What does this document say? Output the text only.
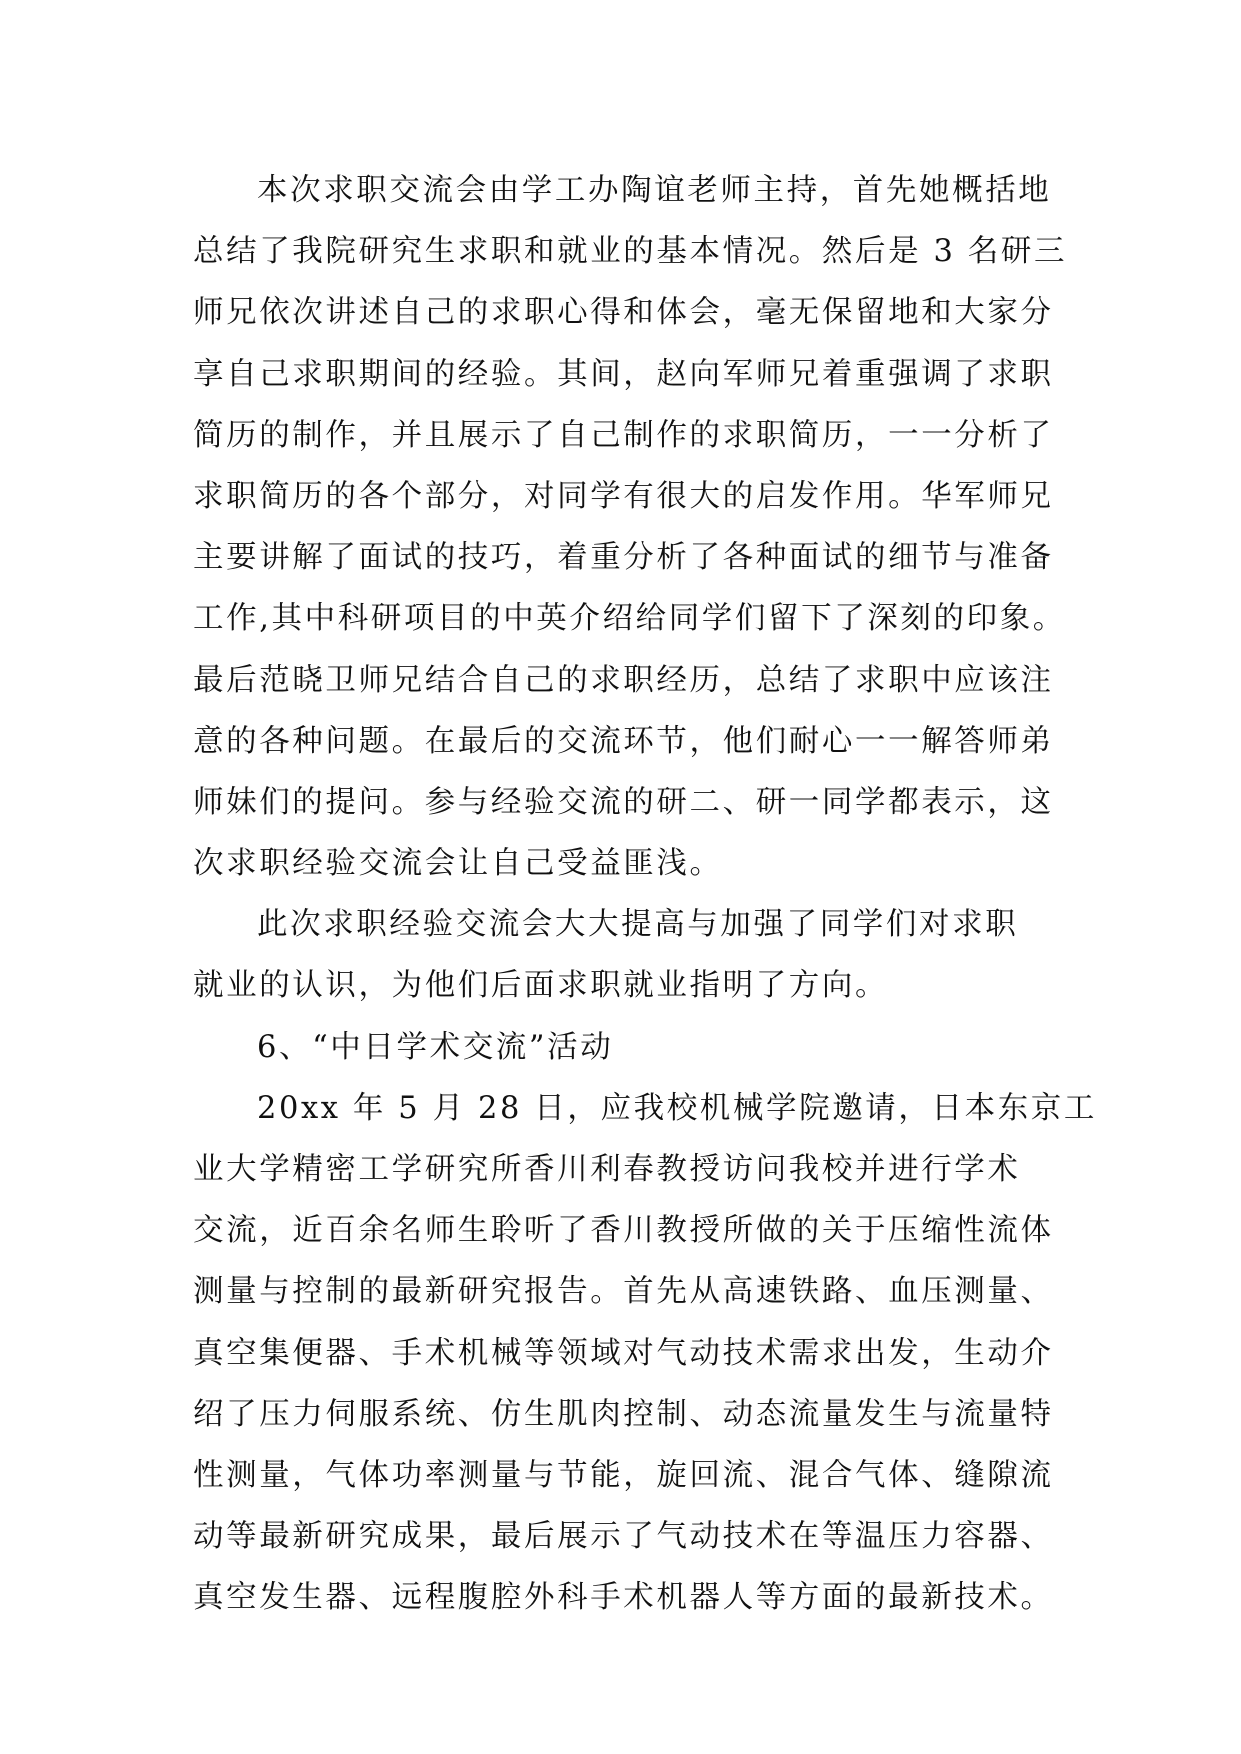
本次求职交流会由学工办陶谊老师主持，首先她概括地
总结了我院研究生求职和就业的基本情况。然后是 3 名研三
师兄依次讲述自己的求职心得和体会，毫无保留地和大家分
享自己求职期间的经验。其间，赵向军师兄着重强调了求职
简历的制作，并且展示了自己制作的求职简历，一一分析了
求职简历的各个部分，对同学有很大的启发作用。华军师兄
主要讲解了面试的技巧，着重分析了各种面试的细节与准备
工作,其中科研项目的中英介绍给同学们留下了深刻的印象。
最后范晓卫师兄结合自己的求职经历，总结了求职中应该注
意的各种问题。在最后的交流环节，他们耐心一一解答师弟
师妹们的提问。参与经验交流的研二、研一同学都表示，这
次求职经验交流会让自己受益匪浅。
此次求职经验交流会大大提高与加强了同学们对求职
就业的认识，为他们后面求职就业指明了方向。
6、“中日学术交流”活动
20xx 年 5 月 28 日，应我校机械学院邀请，日本东京工
业大学精密工学研究所香川利春教授访问我校并进行学术
交流，近百余名师生聆听了香川教授所做的关于压缩性流体
测量与控制的最新研究报告。首先从高速铁路、血压测量、
真空集便器、手术机械等领域对气动技术需求出发，生动介
绍了压力伺服系统、仿生肌肉控制、动态流量发生与流量特
性测量，气体功率测量与节能，旋回流、混合气体、缝隙流
动等最新研究成果，最后展示了气动技术在等温压力容器、
真空发生器、远程腹腔外科手术机器人等方面的最新技术。
